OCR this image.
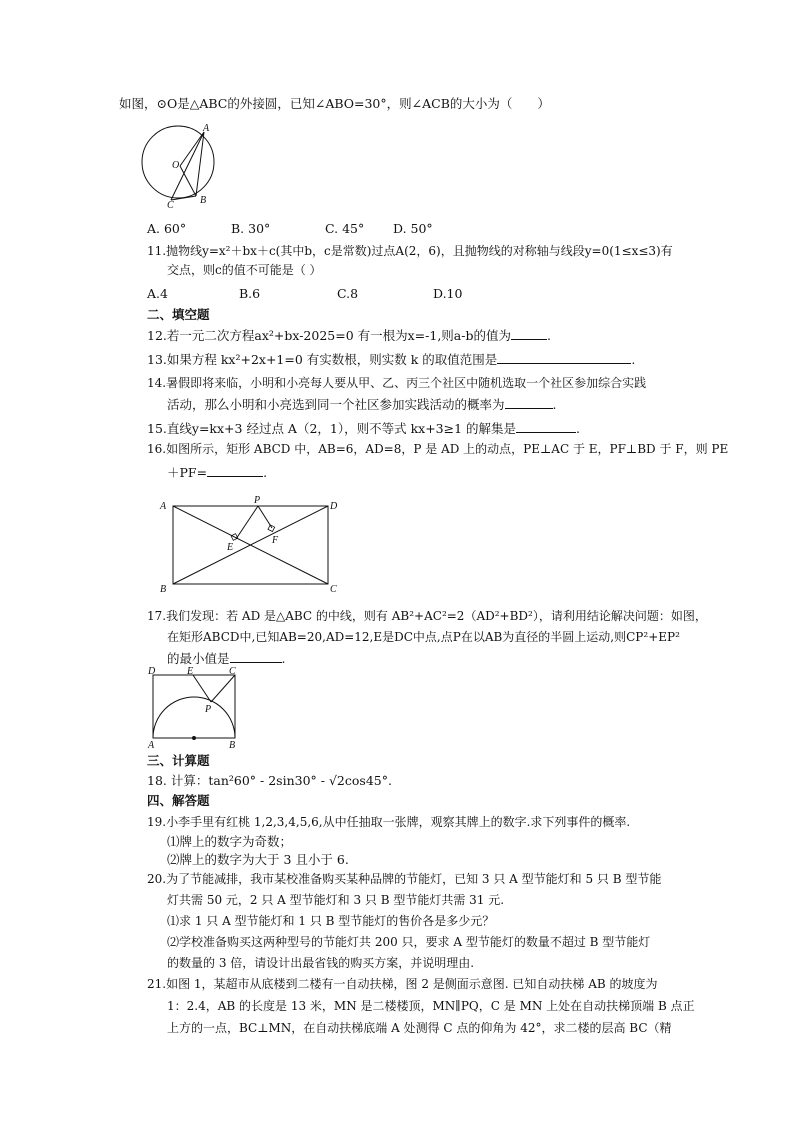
如图，⊙O是△ABC的外接圆，已知∠ABO=30°，则∠ACB的大小为（　　）
A
B
C
O
A. 60°	B. 30°	C. 45° D. 50°
11.抛物线y=x²＋bx＋c(其中b，c是常数)过点A(2，6)，且抛物线的对称轴与线段y=0(1≤x≤3)有
交点，则c的值不可能是（ ）
A.4	B.6	C.8	D.10
二、填空题
12.若一元二次方程ax²+bx-2025=0 有一根为x=-1,则a-b的值为	.
13.如果方程 kx²+2x+1=0 有实数根，则实数 k 的取值范围是	.
14.暑假即将来临，小明和小亮每人要从甲、乙、丙三个社区中随机选取一个社区参加综合实践
活动，那么小明和小亮选到同一个社区参加实践活动的概率为	.
15.直线y=kx+3 经过点 A（2，1），则不等式 kx+3≥1 的解集是	.
16.如图所示，矩形 ABCD 中，AB=6，AD=8，P 是 AD 上的动点，PE⊥AC 于 E，PF⊥BD 于 F，则 PE
＋PF=	.
A
B	C
D
P
E
F
17.我们发现：若 AD 是△ABC 的中线，则有 AB²+AC²=2（AD²+BD²），请利用结论解决问题：如图，
在矩形ABCD中,已知AB=20,AD=12,E是DC中点,点P在以AB为直径的半圆上运动,则CP²+EP²
的最小值是	.
D	E	C
P
A	B
三、计算题
18. 计算：tan²60° - 2sin30° - √2cos45°.
四、解答题
19.小李手里有红桃 1,2,3,4,5,6,从中任抽取一张牌，观察其牌上的数字.求下列事件的概率.
⑴牌上的数字为奇数；
⑵牌上的数字为大于 3 且小于 6.
20.为了节能减排，我市某校准备购买某种品牌的节能灯，已知 3 只 A 型节能灯和 5 只 B 型节能
灯共需 50 元，2 只 A 型节能灯和 3 只 B 型节能灯共需 31 元.
⑴求 1 只 A 型节能灯和 1 只 B 型节能灯的售价各是多少元？
⑵学校准备购买这两种型号的节能灯共 200 只，要求 A 型节能灯的数量不超过 B 型节能灯
的数量的 3 倍，请设计出最省钱的购买方案，并说明理由.
21.如图 1，某超市从底楼到二楼有一自动扶梯，图 2 是侧面示意图. 已知自动扶梯 AB 的坡度为
1：2.4，AB 的长度是 13 米，MN 是二楼楼顶，MN∥PQ，C 是 MN 上处在自动扶梯顶端 B 点正
上方的一点，BC⊥MN，在自动扶梯底端 A 处测得 C 点的仰角为 42°，求二楼的层高 BC（精
